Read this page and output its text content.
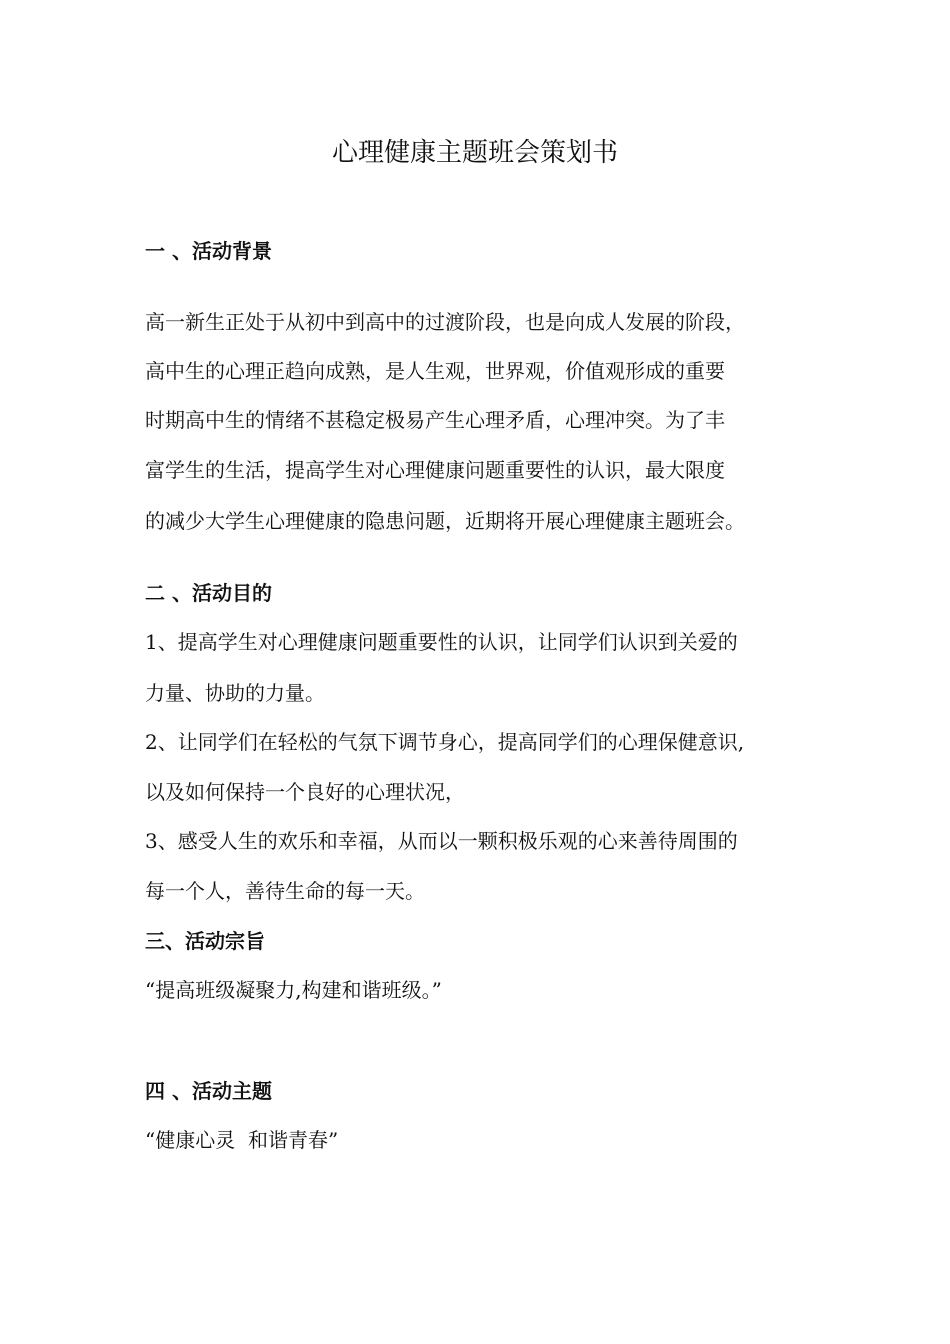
心理健康主题班会策划书
一 、活动背景
高一新生正处于从初中到高中的过渡阶段，也是向成人发展的阶段，
高中生的心理正趋向成熟，是人生观，世界观，价值观形成的重要
时期高中生的情绪不甚稳定极易产生心理矛盾，心理冲突。为了丰
富学生的生活，提高学生对心理健康问题重要性的认识，最大限度
的减少大学生心理健康的隐患问题，近期将开展心理健康主题班会。
二 、活动目的
1、提高学生对心理健康问题重要性的认识，让同学们认识到关爱的
力量、协助的力量。
2、让同学们在轻松的气氛下调节身心，提高同学们的心理保健意识,
以及如何保持一个良好的心理状况，
3、感受人生的欢乐和幸福，从而以一颗积极乐观的心来善待周围的
每一个人，善待生命的每一天。
三、活动宗旨
“提高班级凝聚力,构建和谐班级。”
四 、活动主题
“健康心灵  和谐青春”
